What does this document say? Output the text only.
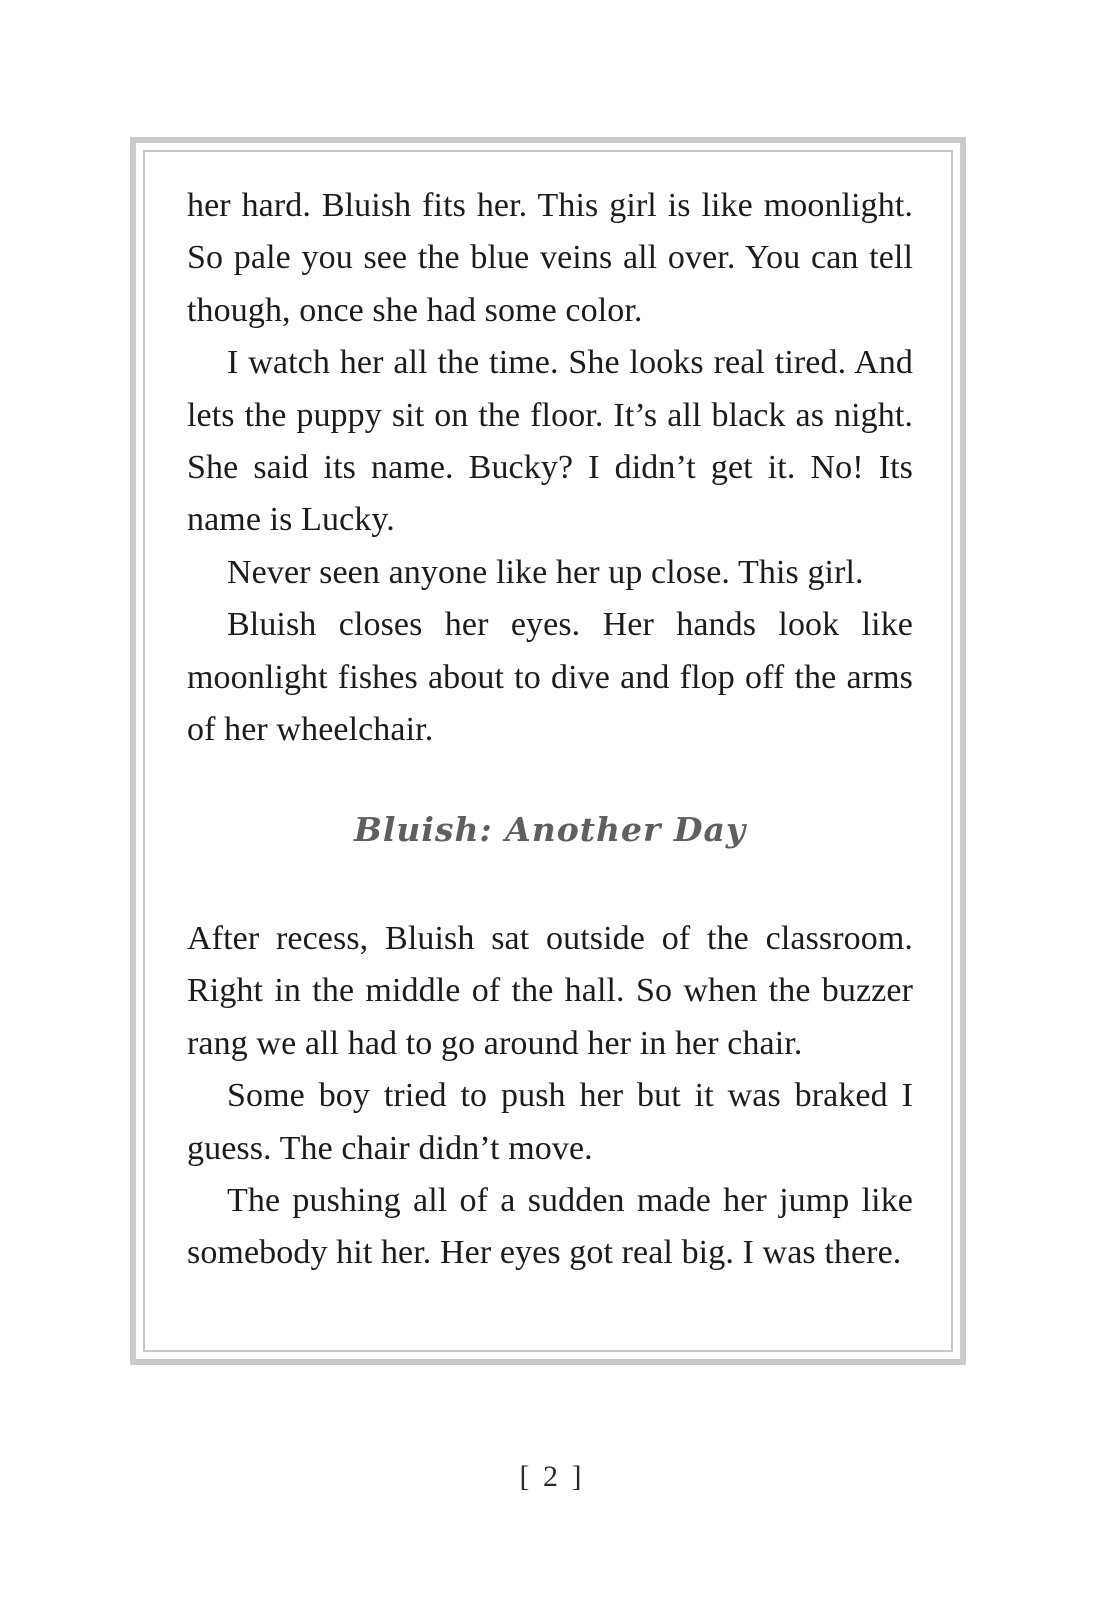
her hard. Bluish fits her. This girl is like moonlight. So pale you see the blue veins all over. You can tell though, once she had some color.

I watch her all the time. She looks real tired. And lets the puppy sit on the floor. It’s all black as night. She said its name. Bucky? I didn’t get it. No! Its name is Lucky.

Never seen anyone like her up close. This girl.

Bluish closes her eyes. Her hands look like moonlight fishes about to dive and flop off the arms of her wheelchair.

Bluish: Another Day

After recess, Bluish sat outside of the classroom. Right in the middle of the hall. So when the buzzer rang we all had to go around her in her chair.

Some boy tried to push her but it was braked I guess. The chair didn’t move.

The pushing all of a sudden made her jump like somebody hit her. Her eyes got real big. I was there.

[ 2 ]
